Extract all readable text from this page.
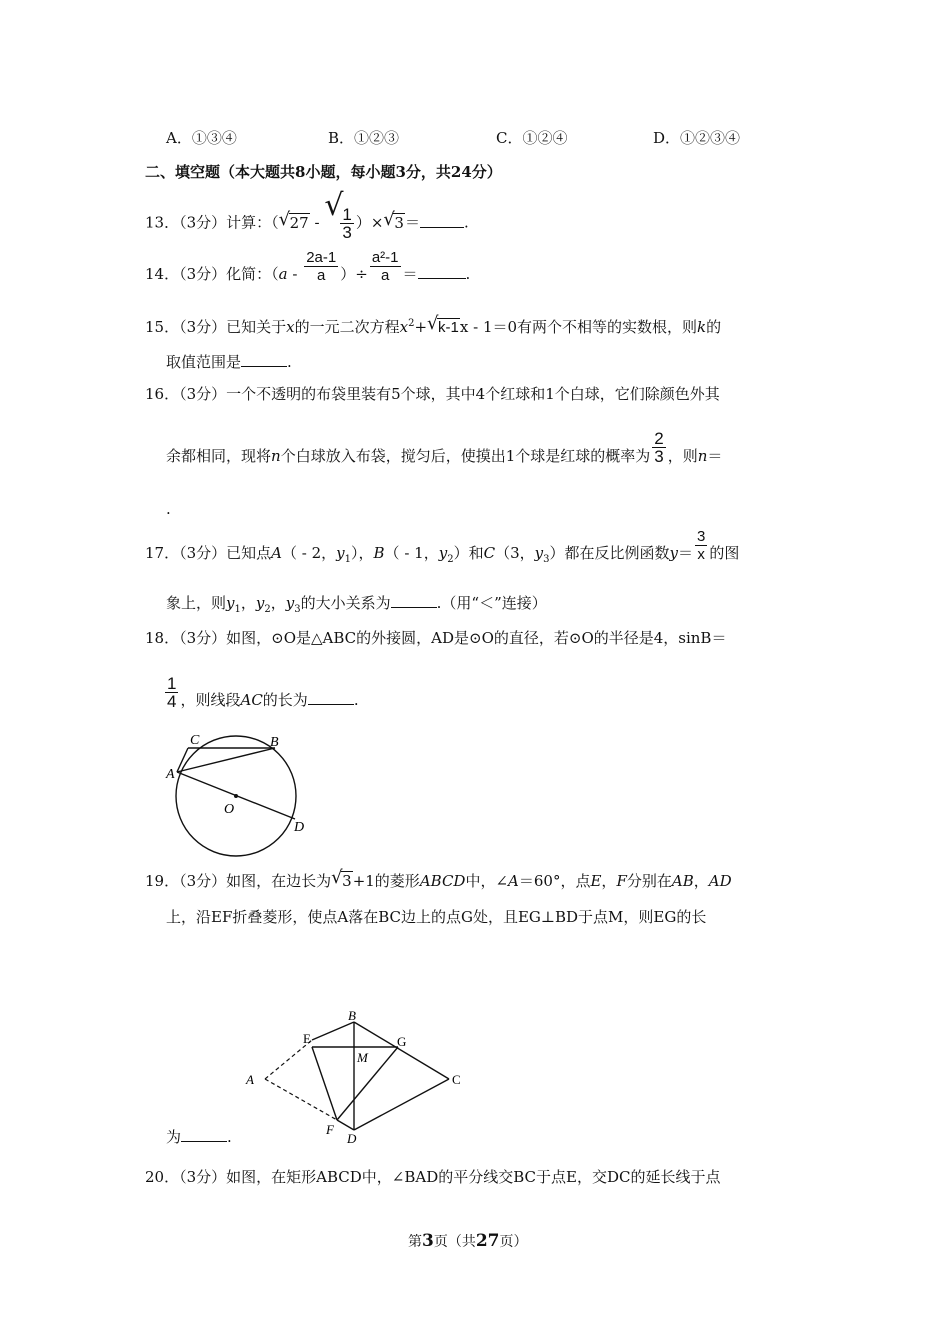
A．①③④	B．①②③	C．①②④	D．①②③④
二、填空题（本大题共8小题，每小题3分，共24分）
13．（3分）计算：（ √ 27 - √
$\frac{1}{3}$ ）× √ 3＝	.
14．（3分）化简：（$a - \frac{2a-1}{a}$ ）÷ $\frac{\text{a²-1}}{a}$ ＝	.
15．（3分）已知关于x的一元二次方程$x^2+$ √ k-1x - 1＝0有两个不相等的实数根，则k的
取值范围是	.
16．（3分）一个不透明的布袋里装有5个球，其中4个红球和1个白球，它们除颜色外其
余都相同，现将n个白球放入布袋，搅匀后，使摸出1个球是红球的概率为 $\frac{2}{3}$ ，则n＝
.
17．（3分）已知点A（ - 2，$y_1$），B（ - 1，$y_2$）和C（3，$y_3$）都在反比例函数$y= \frac{3}{x}$ 的图
象上，则$y_1$，$y_2$，$y_3$的大小关系为	.（用“＜”连接）
18．（3分）如图，⊙O是△ABC的外接圆，AD是⊙O的直径，若⊙O的半径是4，sinB＝
$\frac{1}{4}$ ，则线段AC的长为	.
C	B
A
O
D
19．（3分）如图，在边长为 √ 3+1的菱形ABCD中，∠A＝60°，点E，F分别在AB，AD
上，沿EF折叠菱形，使点A落在BC边上的点G处，且EG⊥BD于点M，则EG的长
B
E	G
M
A	C
F
D
为	.
20．（3分）如图，在矩形ABCD中，∠BAD的平分线交BC于点E，交DC的延长线于点
第3页（共27页）
